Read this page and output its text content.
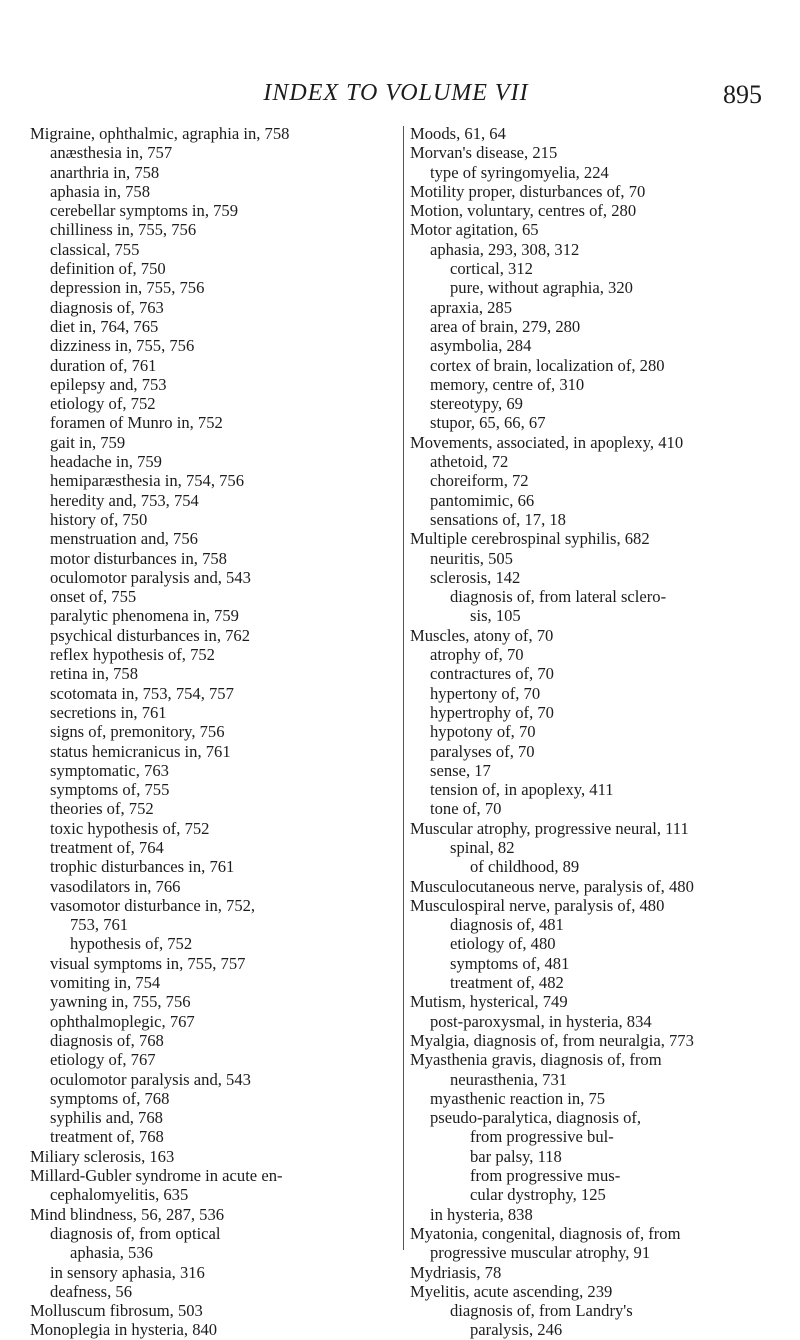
INDEX TO VOLUME VII	895
Migraine, ophthalmic, agraphia in, 758
anæsthesia in, 757
anarthria in, 758
aphasia in, 758
cerebellar symptoms in, 759
chilliness in, 755, 756
classical, 755
definition of, 750
depression in, 755, 756
diagnosis of, 763
diet in, 764, 765
dizziness in, 755, 756
duration of, 761
epilepsy and, 753
etiology of, 752
foramen of Munro in, 752
gait in, 759
headache in, 759
hemiparæsthesia in, 754, 756
heredity and, 753, 754
history of, 750
menstruation and, 756
motor disturbances in, 758
oculomotor paralysis and, 543
onset of, 755
paralytic phenomena in, 759
psychical disturbances in, 762
reflex hypothesis of, 752
retina in, 758
scotomata in, 753, 754, 757
secretions in, 761
signs of, premonitory, 756
status hemicranicus in, 761
symptomatic, 763
symptoms of, 755
theories of, 752
toxic hypothesis of, 752
treatment of, 764
trophic disturbances in, 761
vasodilators in, 766
vasomotor disturbance in, 752,
753, 761
hypothesis of, 752
visual symptoms in, 755, 757
vomiting in, 754
yawning in, 755, 756
ophthalmoplegic, 767
diagnosis of, 768
etiology of, 767
oculomotor paralysis and, 543
symptoms of, 768
syphilis and, 768
treatment of, 768
Miliary sclerosis, 163
Millard-Gubler syndrome in acute en-
cephalomyelitis, 635
Mind blindness, 56, 287, 536
diagnosis of, from optical
aphasia, 536
in sensory aphasia, 316
deafness, 56
Molluscum fibrosum, 503
Monoplegia in hysteria, 840
Moods, 61, 64
Morvan's disease, 215
type of syringomyelia, 224
Motility proper, disturbances of, 70
Motion, voluntary, centres of, 280
Motor agitation, 65
aphasia, 293, 308, 312
cortical, 312
pure, without agraphia, 320
apraxia, 285
area of brain, 279, 280
asymbolia, 284
cortex of brain, localization of, 280
memory, centre of, 310
stereotypy, 69
stupor, 65, 66, 67
Movements, associated, in apoplexy, 410
athetoid, 72
choreiform, 72
pantomimic, 66
sensations of, 17, 18
Multiple cerebrospinal syphilis, 682
neuritis, 505
sclerosis, 142
diagnosis of, from lateral sclero-
sis, 105
Muscles, atony of, 70
atrophy of, 70
contractures of, 70
hypertony of, 70
hypertrophy of, 70
hypotony of, 70
paralyses of, 70
sense, 17
tension of, in apoplexy, 411
tone of, 70
Muscular atrophy, progressive neural, 111
spinal, 82
of childhood, 89
Musculocutaneous nerve, paralysis of, 480
Musculospiral nerve, paralysis of, 480
diagnosis of, 481
etiology of, 480
symptoms of, 481
treatment of, 482
Mutism, hysterical, 749
post-paroxysmal, in hysteria, 834
Myalgia, diagnosis of, from neuralgia, 773
Myasthenia gravis, diagnosis of, from
neurasthenia, 731
myasthenic reaction in, 75
pseudo-paralytica, diagnosis of,
from progressive bul-
bar palsy, 118
from progressive mus-
cular dystrophy, 125
in hysteria, 838
Myatonia, congenital, diagnosis of, from
progressive muscular atrophy, 91
Mydriasis, 78
Myelitis, acute ascending, 239
diagnosis of, from Landry's
paralysis, 246
